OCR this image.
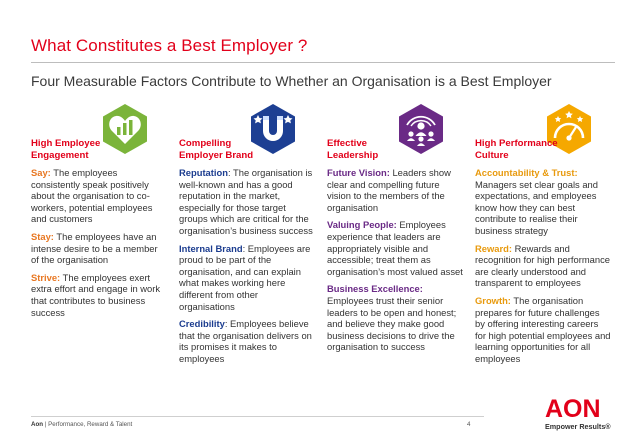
What Constitutes a Best Employer ?
Four Measurable Factors Contribute to Whether an Organisation is a Best Employer
High Employee Engagement

Say: The employees consistently speak positively about the organisation to co-workers, potential employees and customers

Stay: The employees have an intense desire to be a member of the organisation

Strive: The employees exert extra effort and engage in work that contributes to business success

Compelling Employer Brand

Reputation: The organisation is well-known and has a good reputation in the market, especially for those target groups which are critical for the organisation’s business success

Internal Brand: Employees are proud to be part of the organisation, and can explain what makes working here different from other organisations

Credibility: Employees believe that the organisation delivers on its promises it makes to employees

Effective Leadership

Future Vision: Leaders show clear and compelling future vision to the members of the organisation

Valuing People: Employees experience that leaders are appropriately visible and accessible; treat them as organisation’s most valued asset

Business Excellence: Employees trust their senior leaders to be open and honest; and believe they make good business decisions to drive the organisation to success

High Performance Culture

Accountability & Trust: Managers set clear goals and expectations, and employees know how they can best contribute to realise their business strategy

Reward: Rewards and recognition for high performance are clearly understood and transparent to employees

Growth: The organisation prepares for future challenges by offering interesting careers for high potential employees and learning opportunities for all employees

Aon | Performance, Reward & Talent	4
AON
Empower Results®
